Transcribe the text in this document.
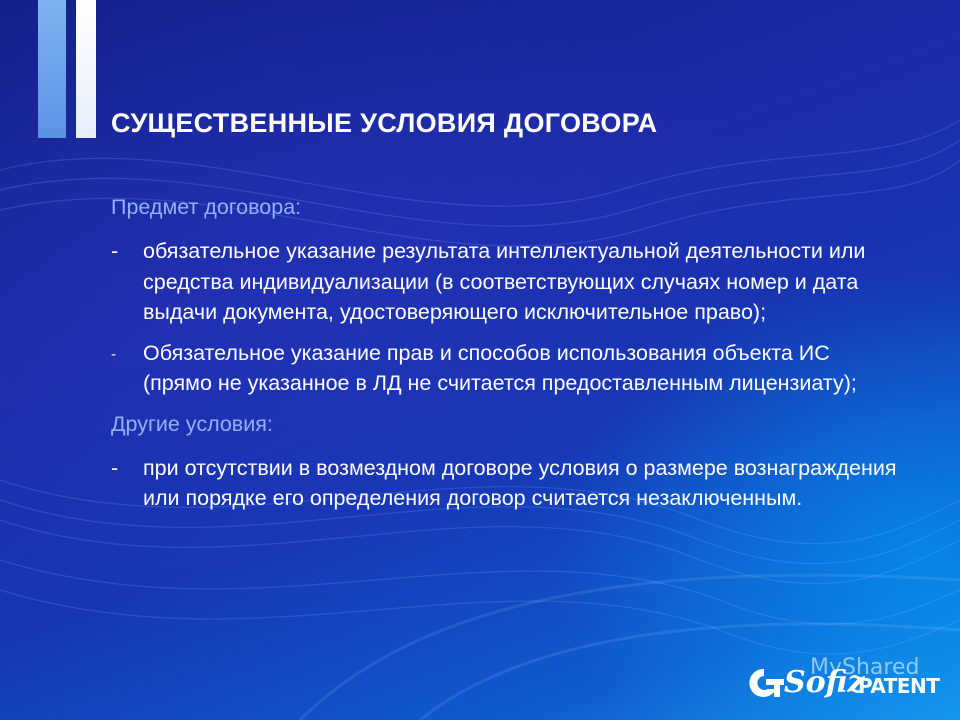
СУЩЕСТВЕННЫЕ УСЛОВИЯ ДОГОВОРА
Предмет договора:
- обязательное указание результата интеллектуальной деятельности или средства индивидуализации (в соответствующих случаях номер и дата выдачи документа, удостоверяющего исключительное право);
- Обязательное указание прав и способов использования объекта ИС (прямо не указанное в ЛД не считается предоставленным лицензиату);
Другие условия:
- при отсутствии в возмездном договоре условия о размере вознаграждения или порядке его определения договор считается незаключенным.
MyShared
Sofiz
PATENT
